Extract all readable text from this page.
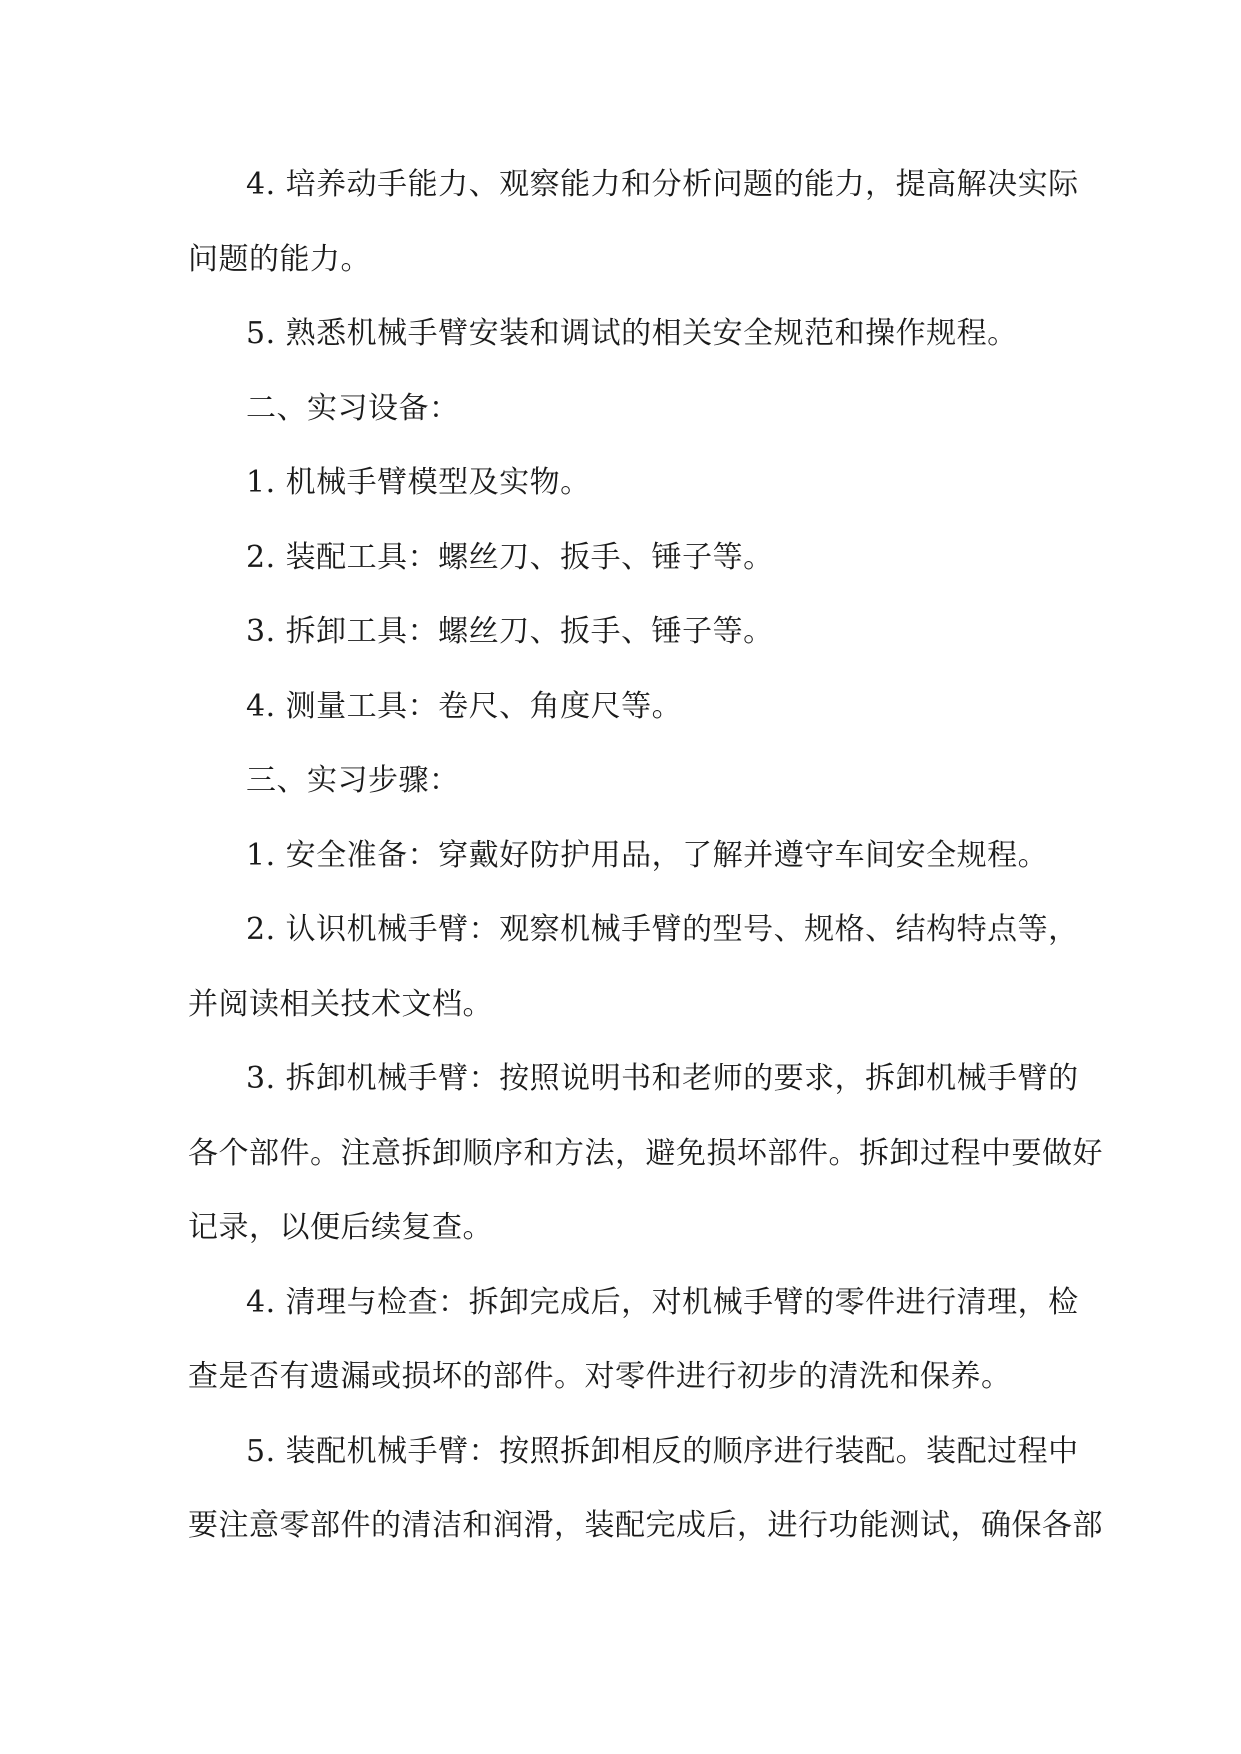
4. 培养动手能力、观察能力和分析问题的能力，提高解决实际
问题的能力。

5. 熟悉机械手臂安装和调试的相关安全规范和操作规程。

二、实习设备：

1. 机械手臂模型及实物。

2. 装配工具：螺丝刀、扳手、锤子等。

3. 拆卸工具：螺丝刀、扳手、锤子等。

4. 测量工具：卷尺、角度尺等。

三、实习步骤：

1. 安全准备：穿戴好防护用品，了解并遵守车间安全规程。

2. 认识机械手臂：观察机械手臂的型号、规格、结构特点等，
并阅读相关技术文档。

3. 拆卸机械手臂：按照说明书和老师的要求，拆卸机械手臂的
各个部件。注意拆卸顺序和方法，避免损坏部件。拆卸过程中要做好
记录，以便后续复查。

4. 清理与检查：拆卸完成后，对机械手臂的零件进行清理，检
查是否有遗漏或损坏的部件。对零件进行初步的清洗和保养。

5. 装配机械手臂：按照拆卸相反的顺序进行装配。装配过程中
要注意零部件的清洁和润滑，装配完成后，进行功能测试，确保各部
